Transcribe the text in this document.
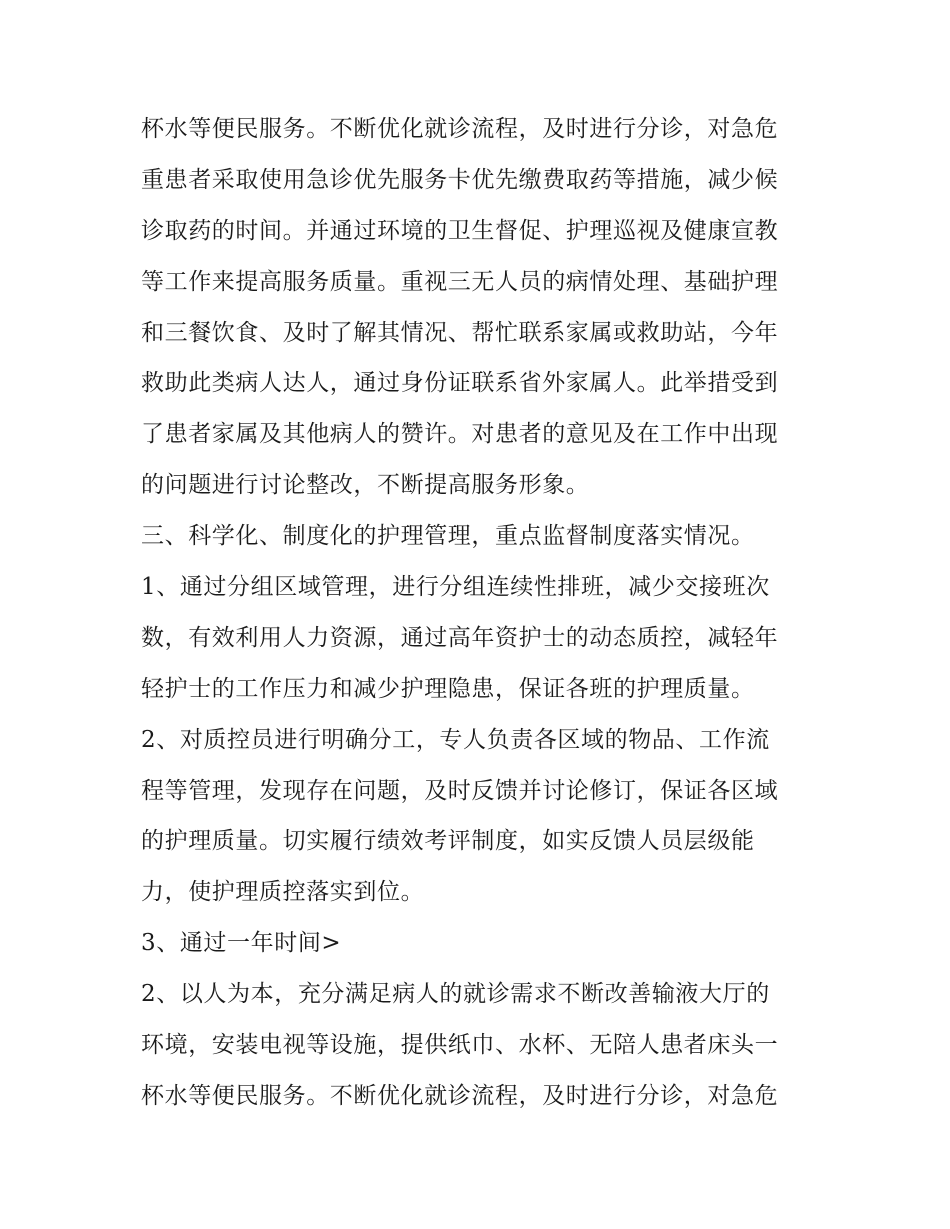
杯水等便民服务。不断优化就诊流程，及时进行分诊，对急危
重患者采取使用急诊优先服务卡优先缴费取药等措施，减少候
诊取药的时间。并通过环境的卫生督促、护理巡视及健康宣教
等工作来提高服务质量。重视三无人员的病情处理、基础护理
和三餐饮食、及时了解其情况、帮忙联系家属或救助站，今年
救助此类病人达人，通过身份证联系省外家属人。此举措受到
了患者家属及其他病人的赞许。对患者的意见及在工作中出现
的问题进行讨论整改，不断提高服务形象。
三、科学化、制度化的护理管理，重点监督制度落实情况。
1、通过分组区域管理，进行分组连续性排班，减少交接班次
数，有效利用人力资源，通过高年资护士的动态质控，减轻年
轻护士的工作压力和减少护理隐患，保证各班的护理质量。
2、对质控员进行明确分工，专人负责各区域的物品、工作流
程等管理，发现存在问题，及时反馈并讨论修订，保证各区域
的护理质量。切实履行绩效考评制度，如实反馈人员层级能
力，使护理质控落实到位。
3、通过一年时间>
2、以人为本，充分满足病人的就诊需求不断改善输液大厅的
环境，安装电视等设施，提供纸巾、水杯、无陪人患者床头一
杯水等便民服务。不断优化就诊流程，及时进行分诊，对急危
